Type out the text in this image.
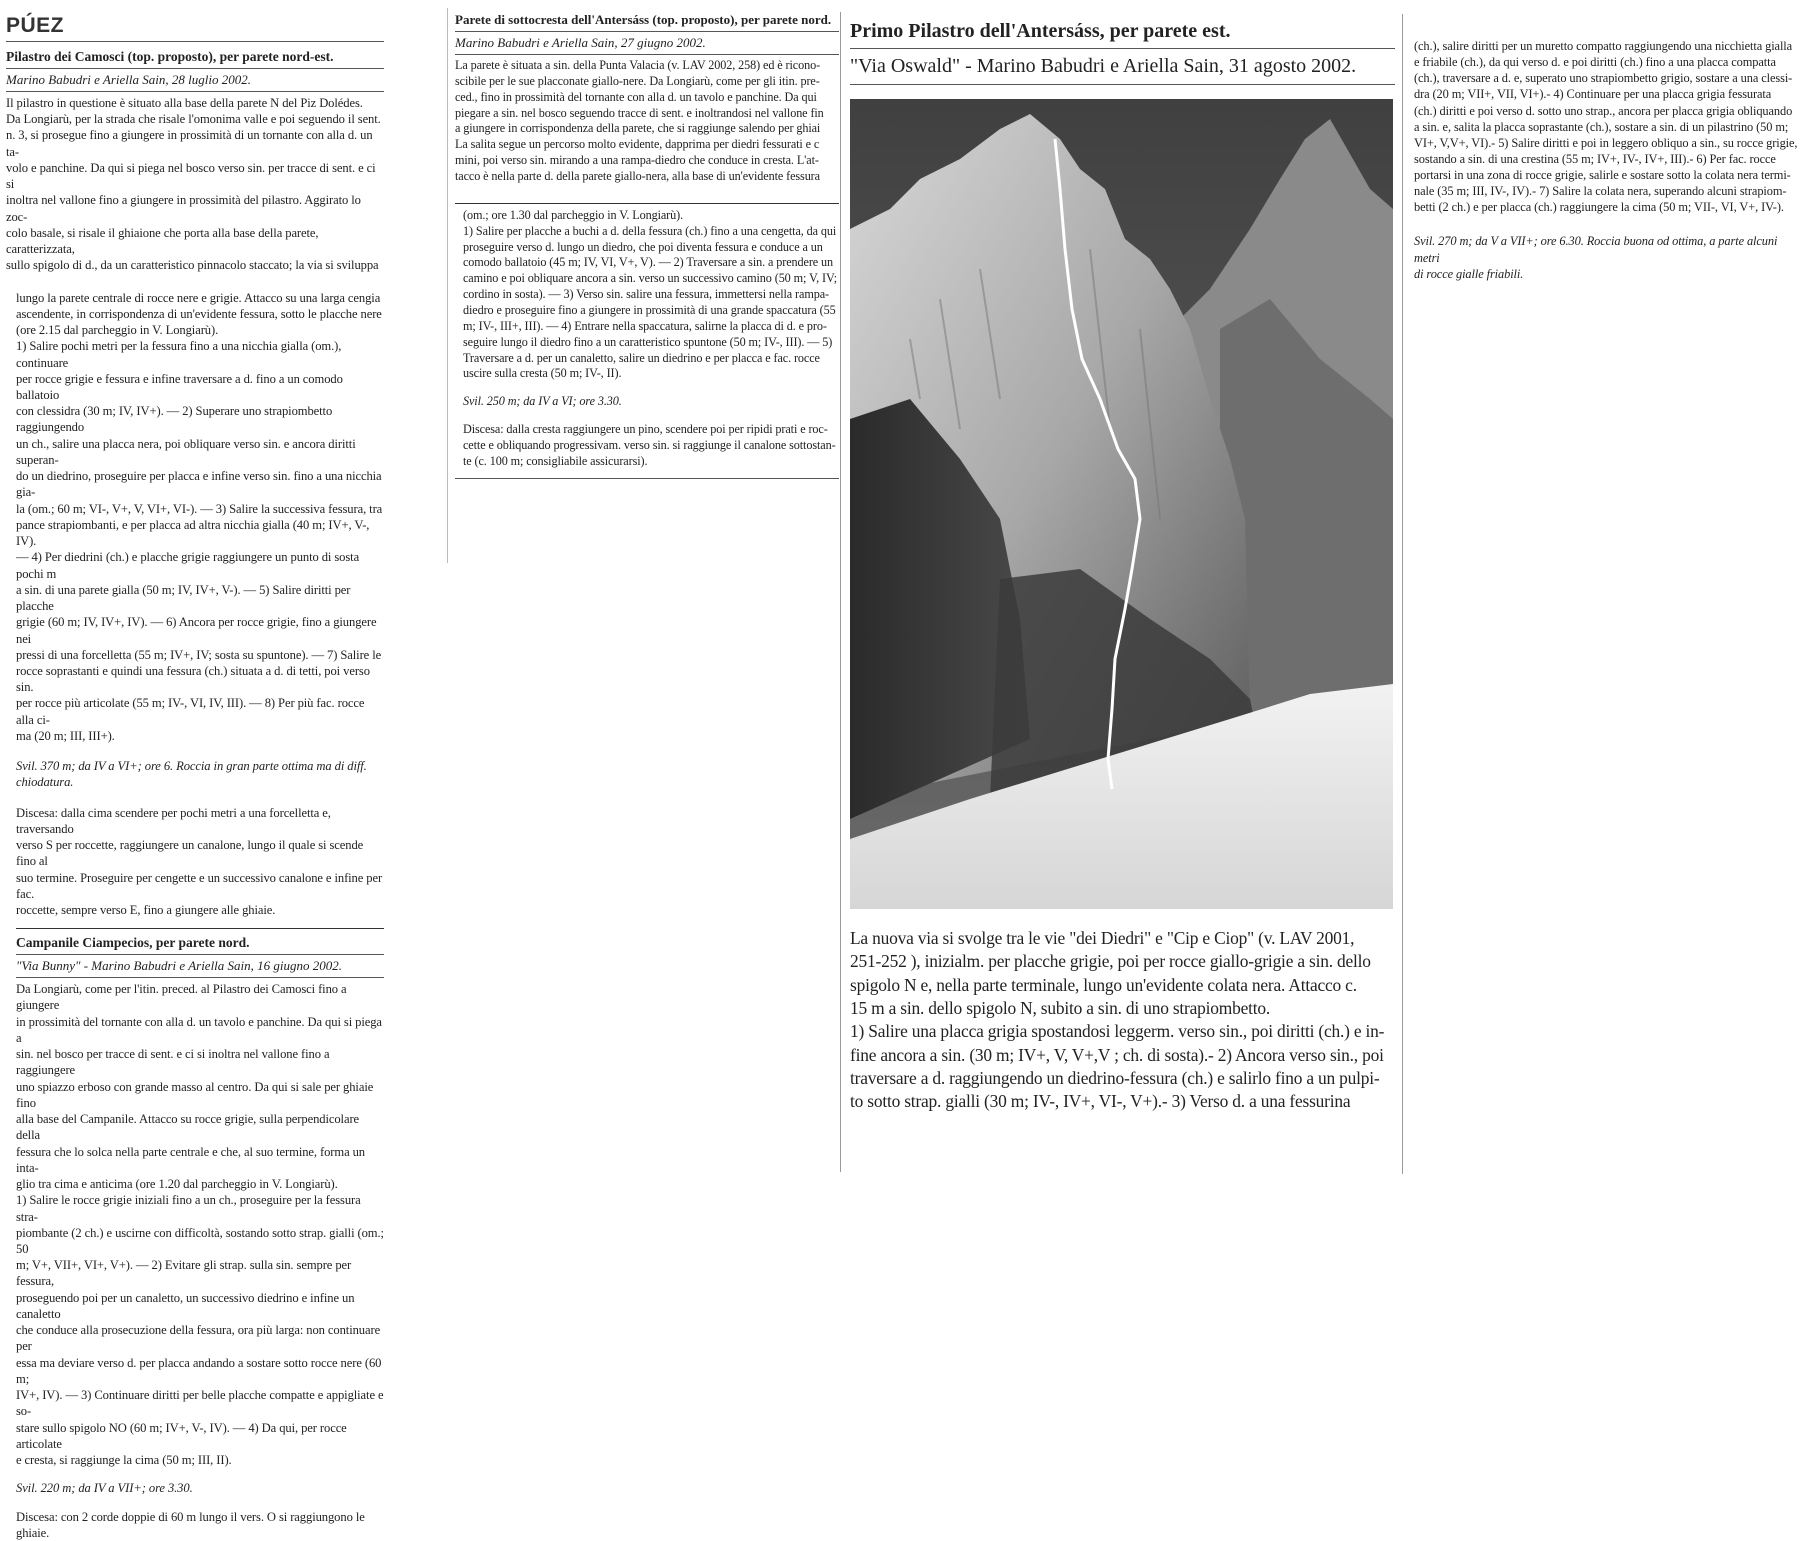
PÚEZ
Pilastro dei Camosci (top. proposto), per parete nord-est.
Marino Babudri e Ariella Sain, 28 luglio 2002.
Il pilastro in questione è situato alla base della parete N del Piz Dolédes.
Da Longiarù, per la strada che risale l'omonima valle e poi seguendo il sent.
n. 3, si prosegue fino a giungere in prossimità di un tornante con alla d. un ta-
volo e panchine. Da qui si piega nel bosco verso sin. per tracce di sent. e ci si
inoltra nel vallone fino a giungere in prossimità del pilastro. Aggirato lo zoc-
colo basale, si risale il ghiaione che porta alla base della parete, caratterizzata,
sullo spigolo di d., da un caratteristico pinnacolo staccato; la via si sviluppa
lungo la parete centrale di rocce nere e grigie. Attacco su una larga cengia
ascendente, in corrispondenza di un'evidente fessura, sotto le placche nere
(ore 2.15 dal parcheggio in V. Longiarù).
1) Salire pochi metri per la fessura fino a una nicchia gialla (om.), continuare
per rocce grigie e fessura e infine traversare a d. fino a un comodo ballatoio
con clessidra (30 m; IV, IV+). — 2) Superare uno strapiombetto raggiungendo
un ch., salire una placca nera, poi obliquare verso sin. e ancora diritti superan-
do un diedrino, proseguire per placca e infine verso sin. fino a una nicchia gia-
la (om.; 60 m; VI-, V+, V, VI+, VI-). — 3) Salire la successiva fessura, tra
pance strapiombanti, e per placca ad altra nicchia gialla (40 m; IV+, V-, IV).
— 4) Per diedrini (ch.) e placche grigie raggiungere un punto di sosta pochi m
a sin. di una parete gialla (50 m; IV, IV+, V-). — 5) Salire diritti per placche
grigie (60 m; IV, IV+, IV). — 6) Ancora per rocce grigie, fino a giungere nei
pressi di una forcelletta (55 m; IV+, IV; sosta su spuntone). — 7) Salire le
rocce soprastanti e quindi una fessura (ch.) situata a d. di tetti, poi verso sin.
per rocce più articolate (55 m; IV-, VI, IV, III). — 8) Per più fac. rocce alla ci-
ma (20 m; III, III+).
Svil. 370 m; da IV a VI+; ore 6. Roccia in gran parte ottima ma di diff. chiodatura.
Discesa: dalla cima scendere per pochi metri a una forcelletta e, traversando
verso S per roccette, raggiungere un canalone, lungo il quale si scende fino al
suo termine. Proseguire per cengette e un successivo canalone e infine per fac.
roccette, sempre verso E, fino a giungere alle ghiaie.
Campanile Ciampecios, per parete nord.
"Via Bunny" - Marino Babudri e Ariella Sain, 16 giugno 2002.
Da Longiarù, come per l'itin. preced. al Pilastro dei Camosci fino a giungere
in prossimità del tornante con alla d. un tavolo e panchine. Da qui si piega a
sin. nel bosco per tracce di sent. e ci si inoltra nel vallone fino a raggiungere
uno spiazzo erboso con grande masso al centro. Da qui si sale per ghiaie fino
alla base del Campanile. Attacco su rocce grigie, sulla perpendicolare della
fessura che lo solca nella parte centrale e che, al suo termine, forma un inta-
glio tra cima e anticima (ore 1.20 dal parcheggio in V. Longiarù).
1) Salire le rocce grigie iniziali fino a un ch., proseguire per la fessura stra-
piombante (2 ch.) e uscirne con difficoltà, sostando sotto strap. gialli (om.; 50
m; V+, VII+, VI+, V+). — 2) Evitare gli strap. sulla sin. sempre per fessura,
proseguendo poi per un canaletto, un successivo diedrino e infine un canaletto
che conduce alla prosecuzione della fessura, ora più larga: non continuare per
essa ma deviare verso d. per placca andando a sostare sotto rocce nere (60 m;
IV+, IV). — 3) Continuare diritti per belle placche compatte e appigliate e so-
stare sullo spigolo NO (60 m; IV+, V-, IV). — 4) Da qui, per rocce articolate
e cresta, si raggiunge la cima (50 m; III, II).
Svil. 220 m; da IV a VII+; ore 3.30.
Discesa: con 2 corde doppie di 60 m lungo il vers. O si raggiungono le ghiaie.
Parete di sottocresta dell'Antersáss (top. proposto), per parete nord.
Marino Babudri e Ariella Sain, 27 giugno 2002.
La parete è situata a sin. della Punta Valacia (v. LAV 2002, 258) ed è ricono-
scibile per le sue placconate giallo-nere. Da Longiarù, come per gli itin. pre-
ced., fino in prossimità del tornante con alla d. un tavolo e panchine. Da qui
piegare a sin. nel bosco seguendo tracce di sent. e inoltrandosi nel vallone fin
a giungere in corrispondenza della parete, che si raggiunge salendo per ghiai
La salita segue un percorso molto evidente, dapprima per diedri fessurati e c
mini, poi verso sin. mirando a una rampa-diedro che conduce in cresta. L'at-
tacco è nella parte d. della parete giallo-nera, alla base di un'evidente fessura
(om.; ore 1.30 dal parcheggio in V. Longiarù).
1) Salire per placche a buchi a d. della fessura (ch.) fino a una cengetta, da qui
proseguire verso d. lungo un diedro, che poi diventa fessura e conduce a un
comodo ballatoio (45 m; IV, VI, V+, V). — 2) Traversare a sin. a prendere un
camino e poi obliquare ancora a sin. verso un successivo camino (50 m; V, IV;
cordino in sosta). — 3) Verso sin. salire una fessura, immettersi nella rampa-
diedro e proseguire fino a giungere in prossimità di una grande spaccatura (55
m; IV-, III+, III). — 4) Entrare nella spaccatura, salirne la placca di d. e pro-
seguire lungo il diedro fino a un caratteristico spuntone (50 m; IV-, III). — 5)
Traversare a d. per un canaletto, salire un diedrino e per placca e fac. rocce
uscire sulla cresta (50 m; IV-, II).
Svil. 250 m; da IV a VI; ore 3.30.
Discesa: dalla cresta raggiungere un pino, scendere poi per ripidi prati e roc-
cette e obliquando progressivam. verso sin. si raggiunge il canalone sottostan-
te (c. 100 m; consigliabile assicurarsi).
Primo Pilastro dell'Antersáss, per parete est.
"Via Oswald" - Marino Babudri e Ariella Sain, 31 agosto 2002.
La nuova via si svolge tra le vie "dei Diedri" e "Cip e Ciop" (v. LAV 2001,
251-252 ), inizialm. per placche grigie, poi per rocce giallo-grigie a sin. dello
spigolo N e, nella parte terminale, lungo un'evidente colata nera. Attacco c.
15 m a sin. dello spigolo N, subito a sin. di uno strapiombetto.
1) Salire una placca grigia spostandosi leggerm. verso sin., poi diritti (ch.) e in-
fine ancora a sin. (30 m; IV+, V, V+,V ; ch. di sosta).- 2) Ancora verso sin., poi
traversare a d. raggiungendo un diedrino-fessura (ch.) e salirlo fino a un pulpi-
to sotto strap. gialli (30 m; IV-, IV+, VI-, V+).- 3) Verso d. a una fessurina
(ch.), salire diritti per un muretto compatto raggiungendo una nicchietta gialla
e friabile (ch.), da qui verso d. e poi diritti (ch.) fino a una placca compatta
(ch.), traversare a d. e, superato uno strapiombetto grigio, sostare a una clessi-
dra (20 m; VII+, VII, VI+).- 4) Continuare per una placca grigia fessurata
(ch.) diritti e poi verso d. sotto uno strap., ancora per placca grigia obliquando
a sin. e, salita la placca soprastante (ch.), sostare a sin. di un pilastrino (50 m;
VI+, V,V+, VI).- 5) Salire diritti e poi in leggero obliquo a sin., su rocce grigie,
sostando a sin. di una crestina (55 m; IV+, IV-, IV+, III).- 6) Per fac. rocce
portarsi in una zona di rocce grigie, salirle e sostare sotto la colata nera termi-
nale (35 m; III, IV-, IV).- 7) Salire la colata nera, superando alcuni strapiom-
betti (2 ch.) e per placca (ch.) raggiungere la cima (50 m; VII-, VI, V+, IV-).
Svil. 270 m; da V a VII+; ore 6.30. Roccia buona od ottima, a parte alcuni metri
di rocce gialle friabili.
